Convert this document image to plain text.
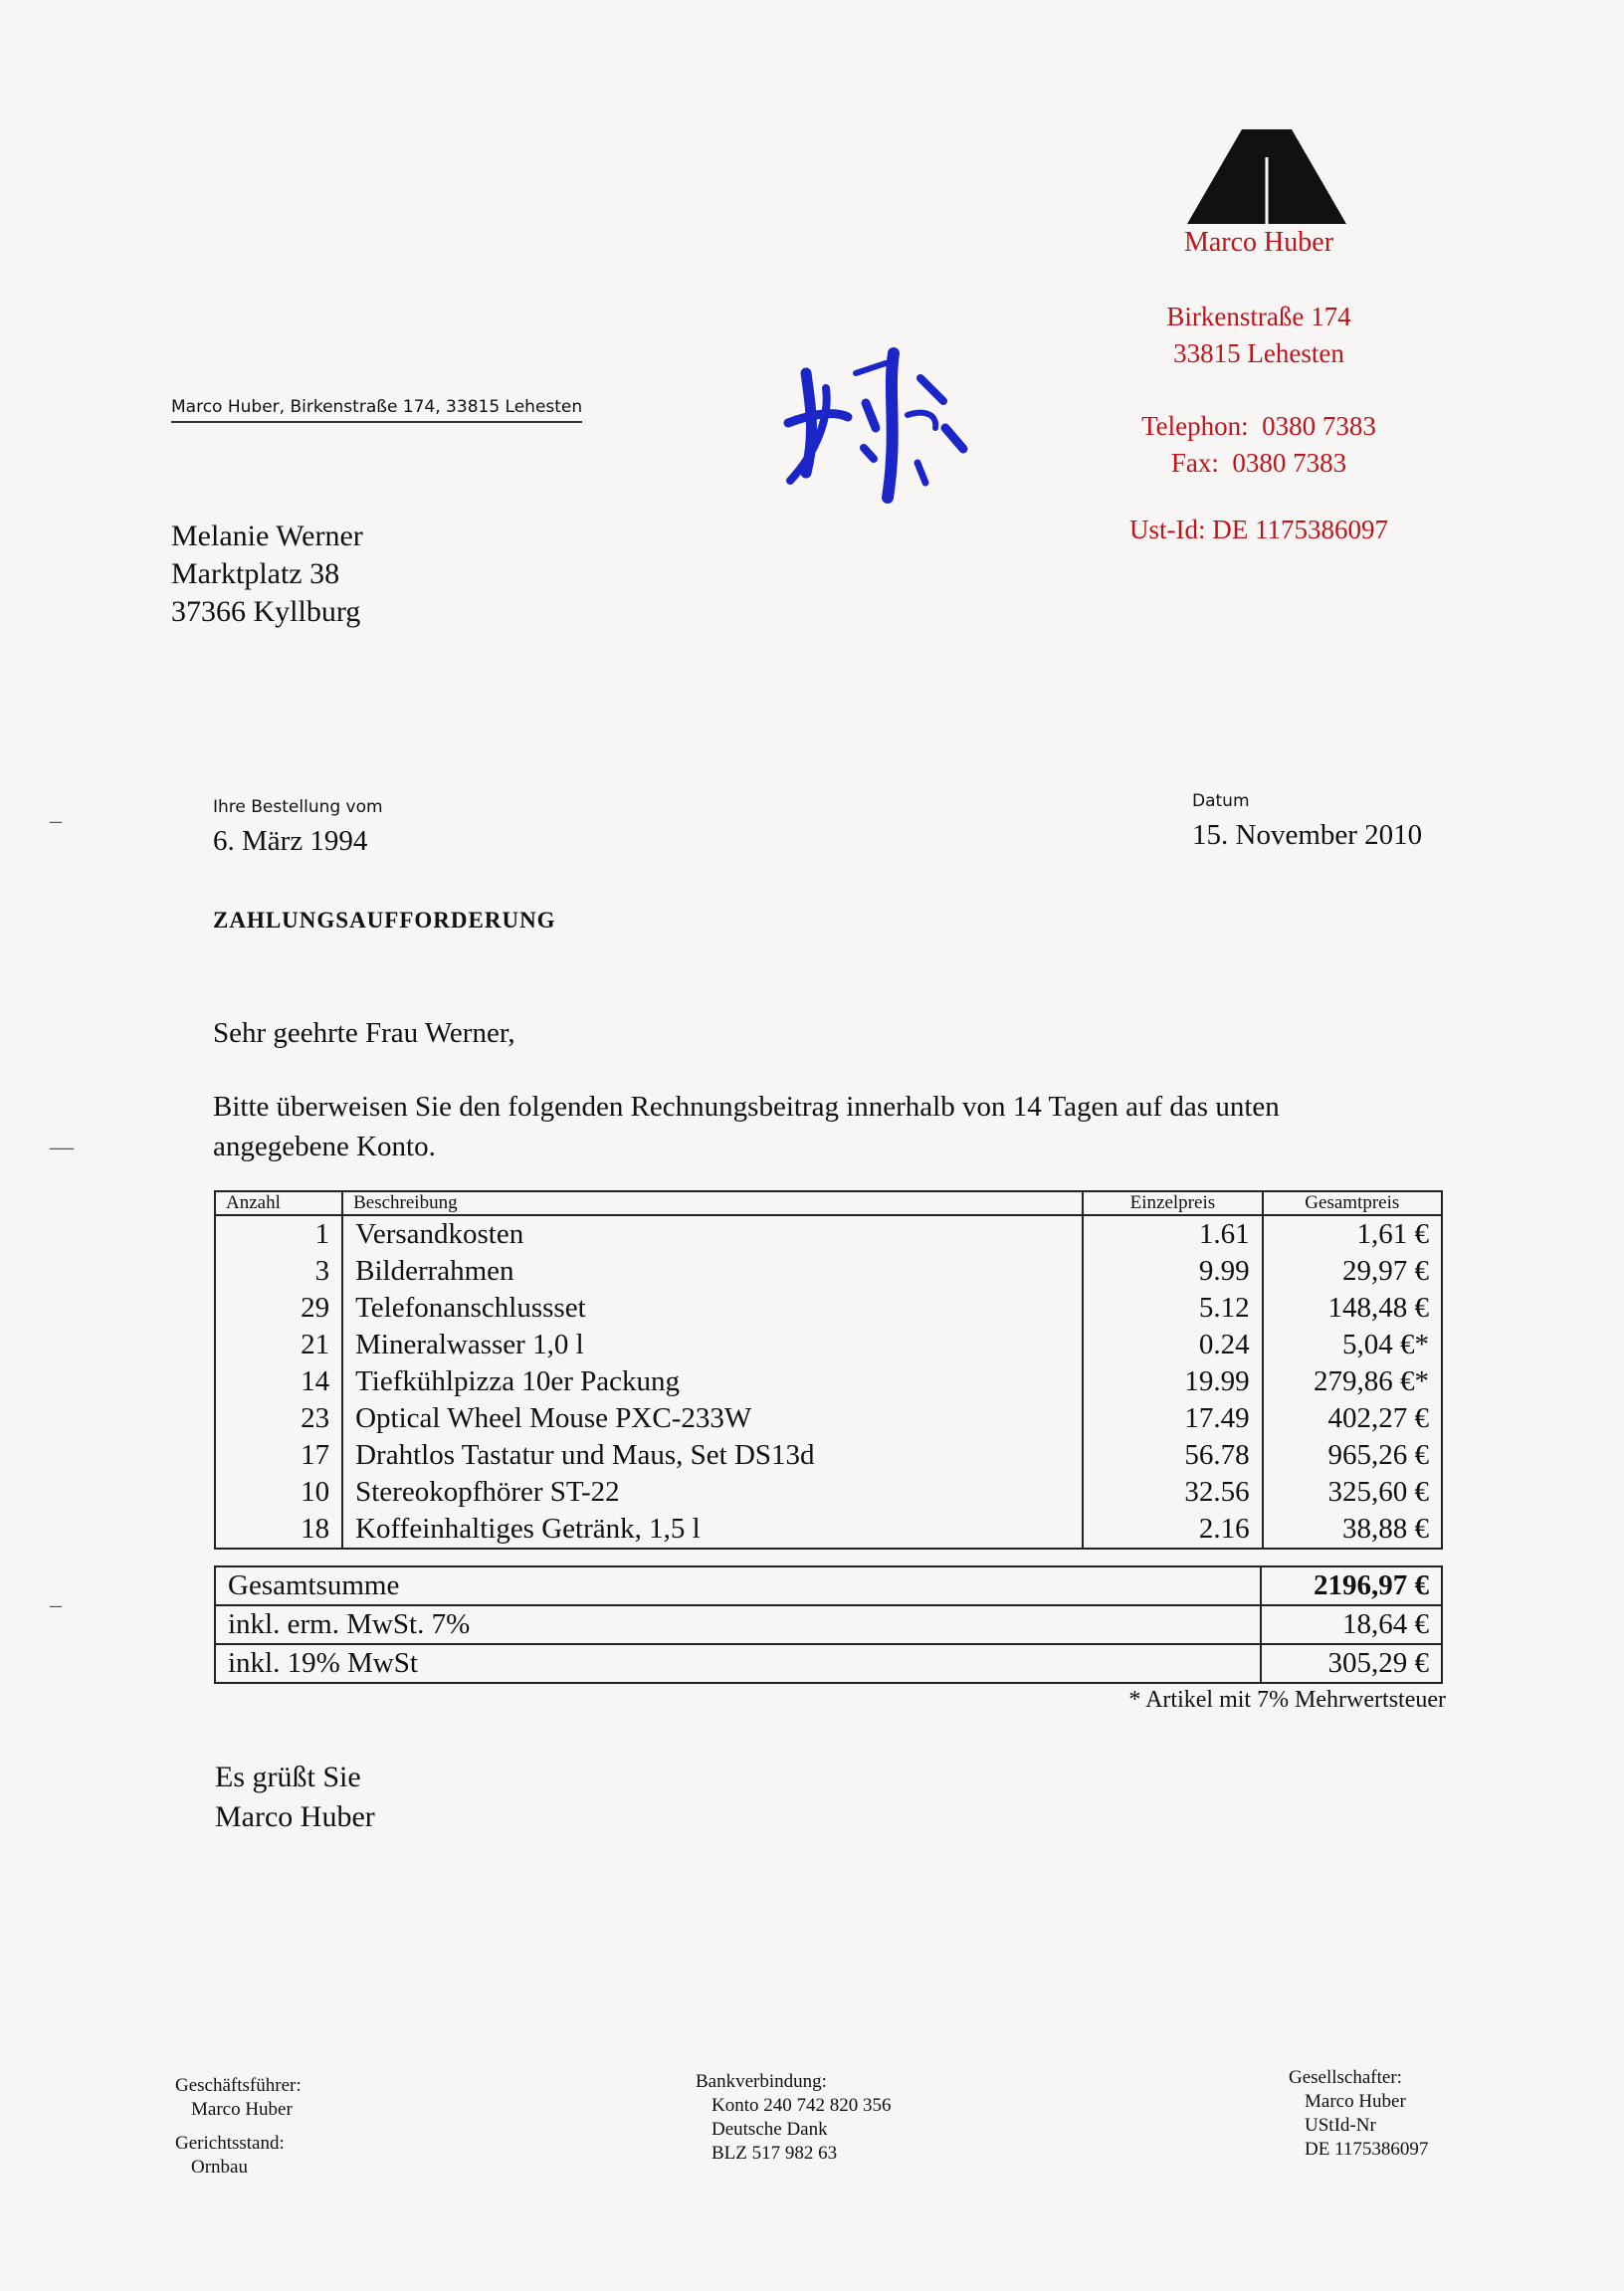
Marco Huber
Birkenstraße 174
33815 Lehesten
Telephon:  0380 7383
Fax:  0380 7383
Ust-Id: DE 1175386097
Marco Huber, Birkenstraße 174, 33815 Lehesten
Melanie Werner
Marktplatz 38
37366 Kyllburg
–
—
–
Ihre Bestellung vom
6. März 1994
Datum
15. November 2010
ZAHLUNGSAUFFORDERUNG
Sehr geehrte Frau Werner,
Bitte überweisen Sie den folgenden Rechnungsbeitrag innerhalb von 14 Tagen auf das unten angegebene Konto.
Anzahl	Beschreibung	Einzelpreis	Gesamtpreis
1	Versandkosten	1.61	1,61 €
3	Bilderrahmen	9.99	29,97 €
29	Telefonanschlussset	5.12	148,48 €
21	Mineralwasser 1,0 l	0.24	5,04 €*
14	Tiefkühlpizza 10er Packung	19.99	279,86 €*
23	Optical Wheel Mouse PXC-233W	17.49	402,27 €
17	Drahtlos Tastatur und Maus, Set DS13d	56.78	965,26 €
10	Stereokopfhörer ST-22	32.56	325,60 €
18	Koffeinhaltiges Getränk, 1,5 l	2.16	38,88 €
Gesamtsumme	2196,97 €
inkl. erm. MwSt. 7%	18,64 €
inkl. 19% MwSt	305,29 €
* Artikel mit 7% Mehrwertsteuer
Es grüßt Sie
Marco Huber
Geschäftsführer:
Marco Huber
Gerichtsstand:
Ornbau
Bankverbindung:
Konto 240 742 820 356
Deutsche Dank
BLZ 517 982 63
Gesellschafter:
Marco Huber
UStId-Nr
DE 1175386097
